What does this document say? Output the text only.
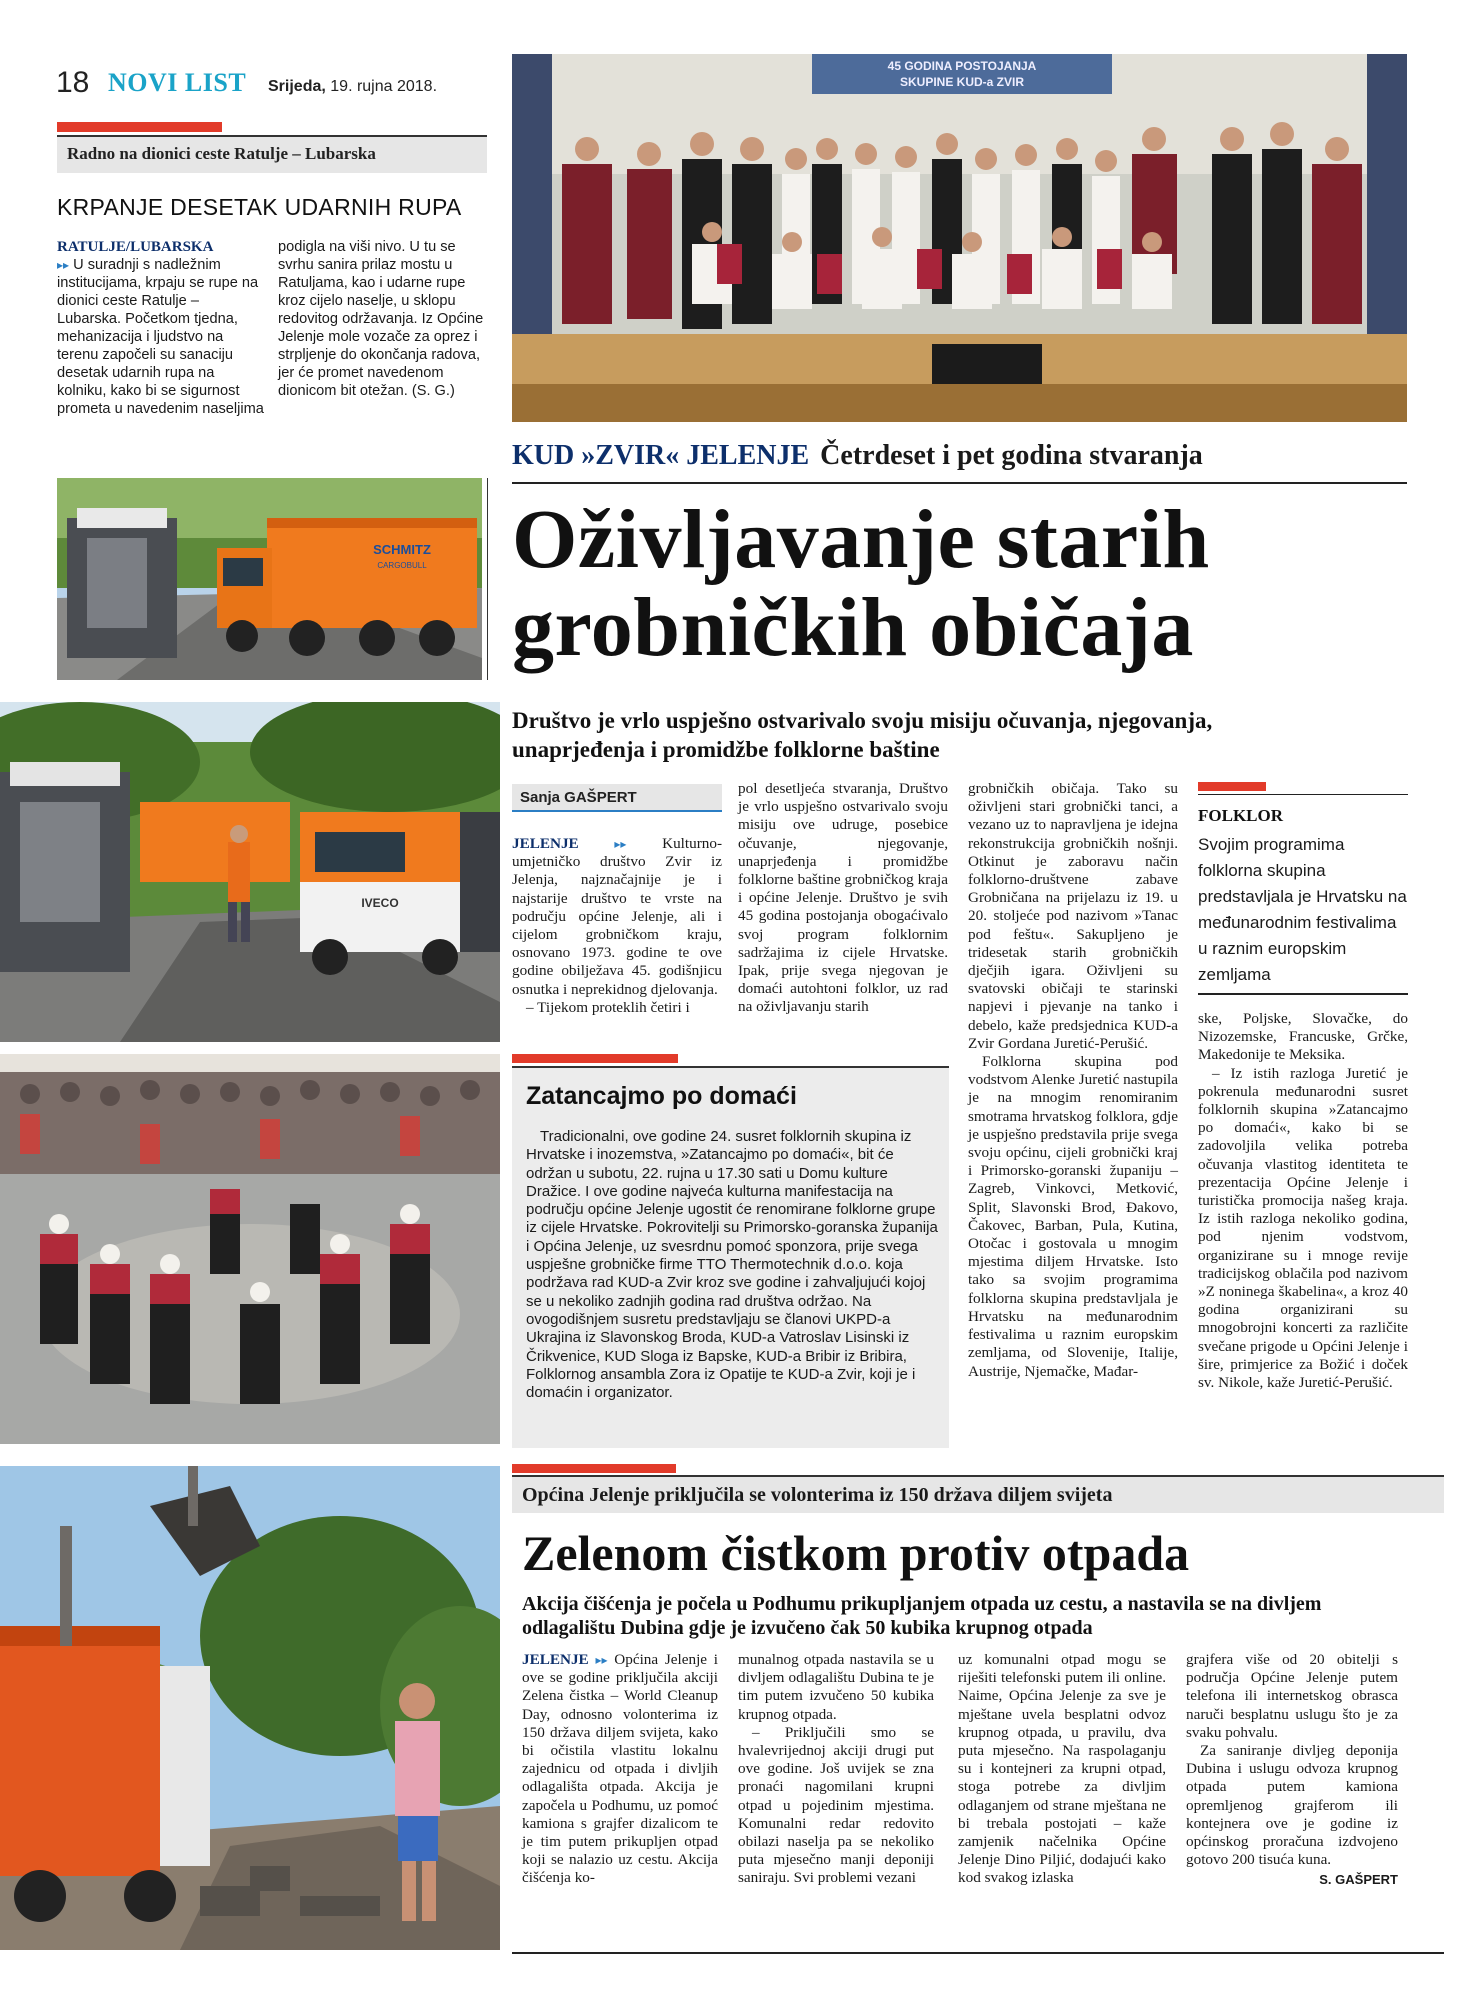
18 NOVI LIST Srijeda, 19. rujna 2018.
Radno na dionici ceste Ratulje – Lubarska
KRPANJE DESETAK UDARNIH RUPA
RATULJE/LUBARSKA

▸▸ U suradnji s nadležnim institucijama, krpaju se rupe na dionici ceste Ratulje – Lubarska. Početkom tjedna, mehanizacija i ljudstvo na terenu započeli su sanaciju desetak udarnih rupa na kolniku, kako bi se sigurnost prometa u navedenim naseljima

podigla na viši nivo. U tu se svrhu sanira prilaz mostu u Ratuljama, kao i udarne rupe kroz cijelo naselje, u sklopu redovitog održavanja. Iz Općine Jelenje mole vozače za oprez i strpljenje do okončanja radova, jer će promet navedenom dionicom bit otežan. (S. G.)

SCHMITZ
CARGOBULL
IVECO
45 GODINA POSTOJANJA
SKUPINE KUD-a ZVIR
KUD »ZVIR« JELENJE Četrdeset i pet godina stvaranja
Oživljavanje starih
grobničkih običaja
Društvo je vrlo uspješno ostvarivalo svoju misiju očuvanja, njegovanja, unaprjeđenja i promidžbe folklorne baštine
Sanja GAŠPERT

JELENJE	▸▸ Kulturno-umjetničko društvo Zvir iz Jelenja, najznačajnije je i najstarije društvo te vrste na području općine Jelenje, ali i cijelom grobničkom kraju, osnovano 1973. godine te ove godine obilježava 45. godišnjicu osnutka i neprekidnog djelovanja.

– Tijekom proteklih četiri i

pol desetljeća stvaranja, Društvo je vrlo uspješno ostvarivalo svoju misiju ove udruge, posebice očuvanje, njegovanje, unaprjeđenja i promidžbe folklorne baštine grobničkog kraja i općine Jelenje. Društvo je svih 45 godina postojanja obogaćivalo svoj program folklornim sadržajima iz cijele Hrvatske. Ipak, prije svega njegovan je domaći autohtoni folklor, uz rad na oživljavanju starih

grobničkih običaja. Tako su oživljeni stari grobnički tanci, a vezano uz to napravljena je idejna rekonstrukcija grobničkih nošnji. Otkinut je zaboravu način folklorno-društvene zabave Grobničana na prijelazu iz 19. u 20. stoljeće pod nazivom »Tanac pod feštu«. Sakupljeno je tridesetak starih grobničkih dječjih igara. Oživljeni su svatovski običaji te starinski napjevi i pjevanje na tanko i debelo, kaže predsjednica KUD-a Zvir Gordana Juretić-Perušić.

Folklorna skupina pod vodstvom Alenke Juretić nastupila je na mnogim renomiranim smotrama hrvatskog folklora, gdje je uspješno predstavila prije svega svoju općinu, cijeli grobnički kraj i Primorsko-goranski županiju – Zagreb, Vinkovci, Metković, Split, Slavonski Brod, Đakovo, Čakovec, Barban, Pula, Kutina, Otočac i gostovala u mnogim mjestima diljem Hrvatske. Isto tako sa svojim programima folklorna skupina predstavljala je Hrvatsku na međunarodnim festivalima u raznim europskim zemljama, od Slovenije, Italije, Austrije, Njemačke, Mađar-

FOLKLOR
Svojim programima folklorna skupina predstavljala je Hrvatsku na međunarodnim festivalima u raznim europskim zemljama

ske, Poljske, Slovačke, do Nizozemske, Francuske, Grčke, Makedonije te Meksika.

– Iz istih razloga Juretić je pokrenula međunarodni susret folklornih skupina »Zatancajmo po domaći«, kako bi se zadovoljila velika potreba očuvanja vlastitog identiteta te prezentacija Općine Jelenje i turistička promocija našeg kraja. Iz istih razloga nekoliko godina, pod njenim vodstvom, organizirane su i mnoge revije tradicijskog oblačila pod nazivom »Z noninega škabelina«, a kroz 40 godina organizirani su mnogobrojni koncerti za različite svečane prigode u Općini Jelenje i šire, primjerice za Božić i doček sv. Nikole, kaže Juretić-Perušić.

Zatancajmo po domaći
Tradicionalni, ove godine 24. susret folklornih skupina iz Hrvatske i inozemstva, »Zatancajmo po domaći«, bit će održan u subotu, 22. rujna u 17.30 sati u Domu kulture Dražice. I ove godine najveća kulturna manifestacija na području općine Jelenje ugostit će renomirane folklorne grupe iz cijele Hrvatske. Pokrovitelji su Primorsko-goranska županija i Općina Jelenje, uz svesrdnu pomoć sponzora, prije svega uspješne grobničke firme TTO Thermotechnik d.o.o. koja podržava rad KUD-a Zvir kroz sve godine i zahvaljujući kojoj se u nekoliko zadnjih godina rad društva održao. Na ovogodišnjem susretu predstavljaju se članovi UKPD-a Ukrajina iz Slavonskog Broda, KUD-a Vatroslav Lisinski iz Črikvenice, KUD Sloga iz Bapske, KUD-a Bribir iz Bribira, Folklornog ansambla Zora iz Opatije te KUD-a Zvir, koji je i domaćin i organizator.
Općina Jelenje priključila se volonterima iz 150 država diljem svijeta
Zelenom čistkom protiv otpada
Akcija čišćenja je počela u Podhumu prikupljanjem otpada uz cestu, a nastavila se na divljem odlagalištu Dubina gdje je izvučeno čak 50 kubika krupnog otpada

JELENJE ▸▸ Općina Jelenje i ove se godine priključila akciji Zelena čistka – World Cleanup Day, odnosno volonterima iz 150 država diljem svijeta, kako bi očistila vlastitu lokalnu zajednicu od otpada i divljih odlagališta otpada. Akcija je započela u Podhumu, uz pomoć kamiona s grajfer dizalicom te je tim putem prikupljen otpad koji se nalazio uz cestu. Akcija čišćenja ko-

munalnog otpada nastavila se u divljem odlagalištu Dubina te je tim putem izvučeno 50 kubika krupnog otpada.

– Priključili smo se hvalevrijednoj akciji drugi put ove godine. Još uvijek se zna pronaći nagomilani krupni otpad u pojedinim mjestima. Komunalni redar redovito obilazi naselja pa se nekoliko puta mjesečno manji deponiji saniraju. Svi problemi vezani

uz komunalni otpad mogu se riješiti telefonski putem ili online. Naime, Općina Jelenje za sve je mještane uvela besplatni odvoz krupnog otpada, u pravilu, dva puta mjesečno. Na raspolaganju su i kontejneri za krupni otpad, stoga potrebe za divljim odlaganjem od strane mještana ne bi trebala postojati – kaže zamjenik načelnika Općine Jelenje Dino Piljić, dodajući kako kod svakog izlaska

grajfera više od 20 obitelji s područja Općine Jelenje putem telefona ili internetskog obrasca naruči besplatnu uslugu što je za svaku pohvalu.

Za saniranje divljeg deponija Dubina i uslugu odvoza krupnog otpada putem kamiona opremljenog grajferom ili kontejnera ove je godine iz općinskog proračuna izdvojeno gotovo 200 tisuća kuna.

S. GAŠPERT
